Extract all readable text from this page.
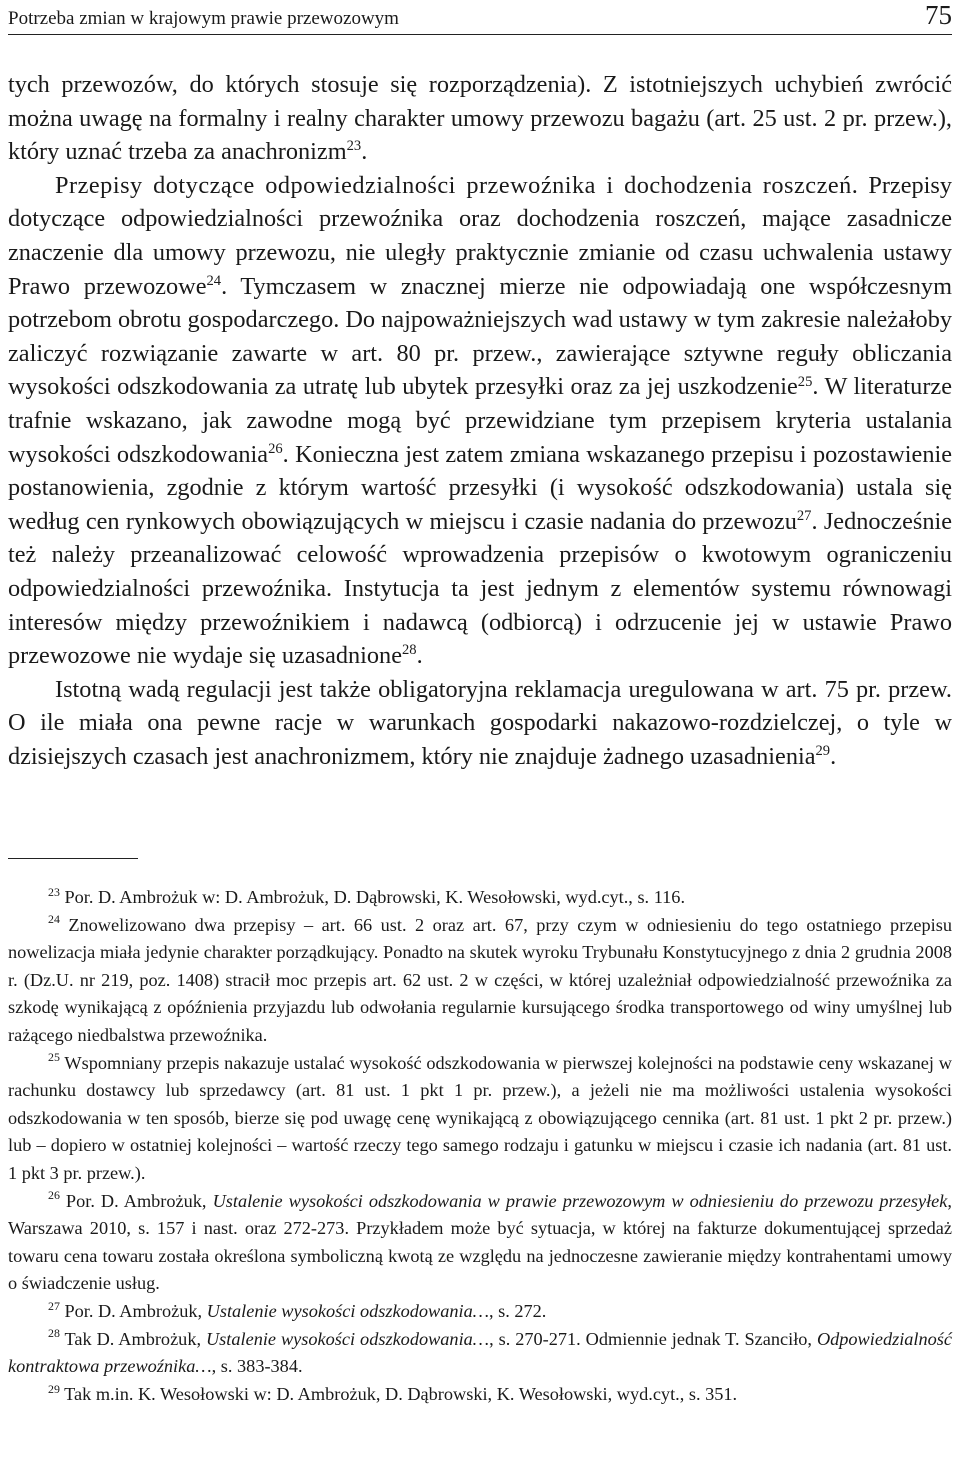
Potrzeba zmian w krajowym prawie przewozowym	75

tych przewozów, do których stosuje się rozporządzenia). Z istotniejszych uchybień zwrócić można uwagę na formalny i realny charakter umowy przewozu bagażu (art. 25 ust. 2 pr. przew.), który uznać trzeba za anachronizm$^{23}$.

Przepisy dotyczące odpowiedzialności przewoźnika i dochodzenia roszczeń. Przepisy dotyczące odpowiedzialności przewoźnika oraz dochodzenia roszczeń, mające zasadnicze znaczenie dla umowy przewozu, nie uległy praktycznie zmianie od czasu uchwalenia ustawy Prawo przewozowe$^{24}$. Tymczasem w znacznej mierze nie odpowiadają one współczesnym potrzebom obrotu gospodarczego. Do najpoważniejszych wad ustawy w tym zakresie należałoby zaliczyć rozwiązanie zawarte w art. 80 pr. przew., zawierające sztywne reguły obliczania wysokości odszkodowania za utratę lub ubytek przesyłki oraz za jej uszkodzenie$^{25}$. W literaturze trafnie wskazano, jak zawodne mogą być przewidziane tym przepisem kryteria ustalania wysokości odszkodowania$^{26}$. Konieczna jest zatem zmiana wskazanego przepisu i pozostawienie postanowienia, zgodnie z którym wartość przesyłki (i wysokość odszkodowania) ustala się według cen rynkowych obowiązujących w miejscu i czasie nadania do przewozu$^{27}$. Jednocześnie też należy przeanalizować celowość wprowadzenia przepisów o kwotowym ograniczeniu odpowiedzialności przewoźnika. Instytucja ta jest jednym z elementów systemu równowagi interesów między przewoźnikiem i nadawcą (odbiorcą) i odrzucenie jej w ustawie Prawo przewozowe nie wydaje się uzasadnione$^{28}$.

Istotną wadą regulacji jest także obligatoryjna reklamacja uregulowana w art. 75 pr. przew. O ile miała ona pewne racje w warunkach gospodarki nakazowo-rozdzielczej, o tyle w dzisiejszych czasach jest anachronizmem, który nie znajduje żadnego uzasadnienia$^{29}$.

$^{23}$ Por. D. Ambrożuk w: D. Ambrożuk, D. Dąbrowski, K. Wesołowski, wyd.cyt., s. 116.

$^{24}$ Znowelizowano dwa przepisy – art. 66 ust. 2 oraz art. 67, przy czym w odniesieniu do tego ostatniego przepisu nowelizacja miała jedynie charakter porządkujący. Ponadto na skutek wyroku Trybunału Konstytucyjnego z dnia 2 grudnia 2008 r. (Dz.U. nr 219, poz. 1408) stracił moc przepis art. 62 ust. 2 w części, w której uzależniał odpowiedzialność przewoźnika za szkodę wynikającą z opóźnienia przyjazdu lub odwołania regularnie kursującego środka transportowego od winy umyślnej lub rażącego niedbalstwa przewoźnika.

$^{25}$ Wspomniany przepis nakazuje ustalać wysokość odszkodowania w pierwszej kolejności na podstawie ceny wskazanej w rachunku dostawcy lub sprzedawcy (art. 81 ust. 1 pkt 1 pr. przew.), a jeżeli nie ma możliwości ustalenia wysokości odszkodowania w ten sposób, bierze się pod uwagę cenę wynikającą z obowiązującego cennika (art. 81 ust. 1 pkt 2 pr. przew.) lub – dopiero w ostatniej kolejności – wartość rzeczy tego samego rodzaju i gatunku w miejscu i czasie ich nadania (art. 81 ust. 1 pkt 3 pr. przew.).

$^{26}$ Por. D. Ambrożuk, Ustalenie wysokości odszkodowania w prawie przewozowym w odniesieniu do przewozu przesyłek, Warszawa 2010, s. 157 i nast. oraz 272-273. Przykładem może być sytuacja, w której na fakturze dokumentującej sprzedaż towaru cena towaru została określona symboliczną kwotą ze względu na jednoczesne zawieranie między kontrahentami umowy o świadczenie usług.

$^{27}$ Por. D. Ambrożuk, Ustalenie wysokości odszkodowania…, s. 272.

$^{28}$ Tak D. Ambrożuk, Ustalenie wysokości odszkodowania…, s. 270-271. Odmiennie jednak T. Szanciło, Odpowiedzialność kontraktowa przewoźnika…, s. 383-384.

$^{29}$ Tak m.in. K. Wesołowski w: D. Ambrożuk, D. Dąbrowski, K. Wesołowski, wyd.cyt., s. 351.
